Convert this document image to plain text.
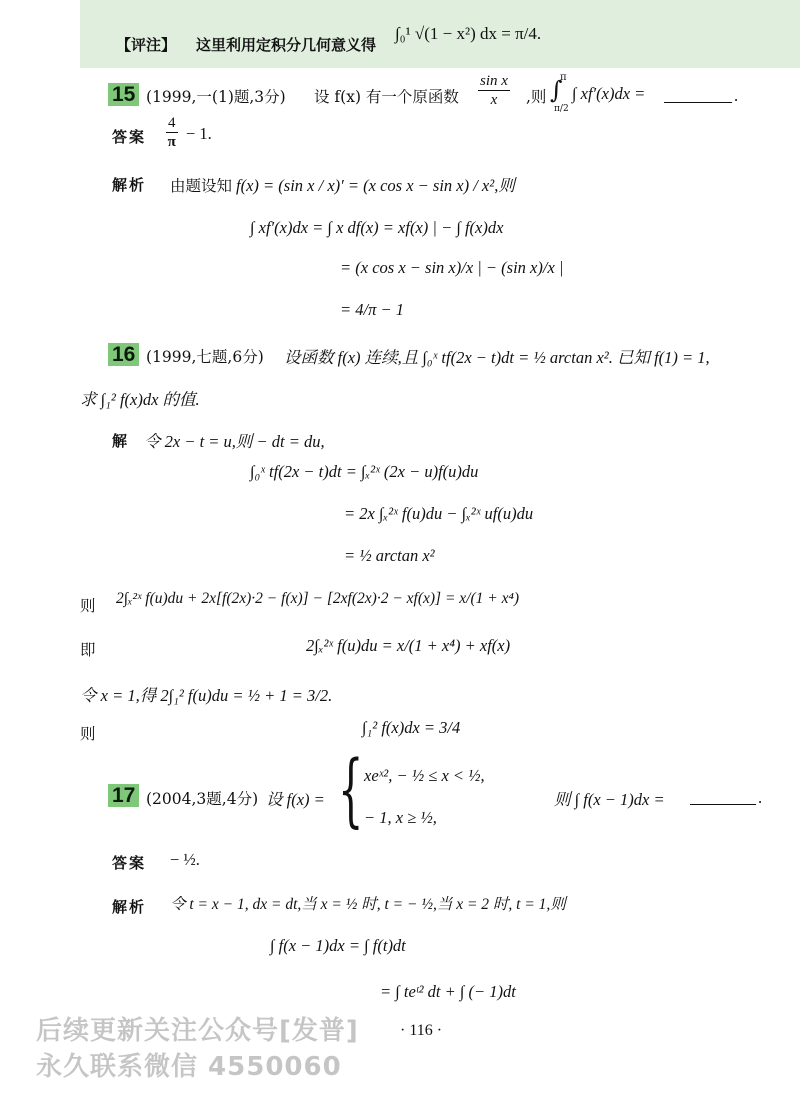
【评注】 这里利用定积分几何意义得
∫₀¹ √(1 − x²) dx = π/4.
15 (1999,一(1)题,3分) 设 f(x) 有一个原函数 $\frac{\text{sin x}}{x}$ ,则 ∫
π
π/2
∫ xf′(x)dx =	.
答案 $\frac{4}{\pi} - 1$.
解析 由题设知 f(x) = (sin x / x)′ = (x cos x − sin x) / x²,则
∫ xf′(x)dx = ∫ x df(x) = xf(x) | − ∫ f(x)dx
= (x cos x − sin x)/x | − (sin x)/x |
= 4/π − 1
16 (1999,七题,6分) 设函数 f(x) 连续,且 ∫₀ˣ tf(2x − t)dt = ½ arctan x². 已知 f(1) = 1,
求 ∫₁² f(x)dx 的值.
解 令 2x − t = u,则 − dt = du,
∫₀ˣ tf(2x − t)dt = ∫ₓ²ˣ (2x − u)f(u)du
= 2x ∫ₓ²ˣ f(u)du − ∫ₓ²ˣ uf(u)du
= ½ arctan x²
则 2∫ₓ²ˣ f(u)du + 2x[f(2x)·2 − f(x)] − [2xf(2x)·2 − xf(x)] = x/(1 + x⁴)
即	2∫ₓ²ˣ f(u)du = x/(1 + x⁴) + xf(x)
令 x = 1,得 2∫₁² f(u)du = ½ + 1 = 3/2.
则	∫₁² f(x)dx = 3/4
17 (2004,3题,4分) 设 f(x) = { xeˣ², − ½ ≤ x < ½,
− 1, x ≥ ½,
则 ∫ f(x − 1)dx =	.
答案 − ½.
解析 令 t = x − 1, dx = dt,当 x = ½ 时, t = − ½,当 x = 2 时, t = 1,则
∫ f(x − 1)dx = ∫ f(t)dt
= ∫ teᵗ² dt + ∫ (− 1)dt
· 116 ·
后续更新关注公众号[发普]
永久联系微信 4550060
